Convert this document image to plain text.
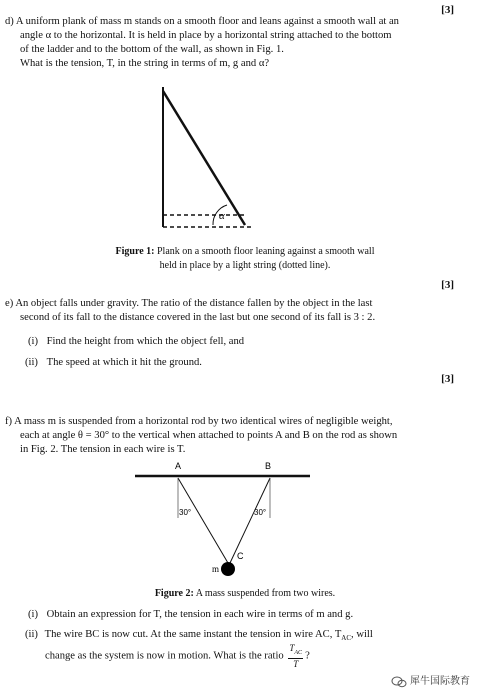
[3]
d) A uniform plank of mass m stands on a smooth floor and leans against a smooth wall at an
angle α to the horizontal. It is held in place by a horizontal string attached to the bottom
of the ladder and to the bottom of the wall, as shown in Fig. 1.
What is the tension, T, in the string in terms of m, g and α?
α
Figure 1: Plank on a smooth floor leaning against a smooth wall
held in place by a light string (dotted line).
[3]
e) An object falls under gravity. The ratio of the distance fallen by the object in the last
second of its fall to the distance covered in the last but one second of its fall is 3 : 2.
(i) Find the height from which the object fell, and
(ii) The speed at which it hit the ground.
[3]
f) A mass m is suspended from a horizontal rod by two identical wires of negligible weight,
each at angle θ = 30° to the vertical when attached to points A and B on the rod as shown
in Fig. 2. The tension in each wire is T.
A	B
30°	30°
C
m
Figure 2: A mass suspended from two wires.
(i) Obtain an expression for T, the tension in each wire in terms of m and g.
(ii) The wire BC is now cut. At the same instant the tension in wire AC, $T_{AC}$, will
change as the system is now in motion. What is the ratio $\frac{T_{AC}}{T}$ ?
犀牛国际教育
